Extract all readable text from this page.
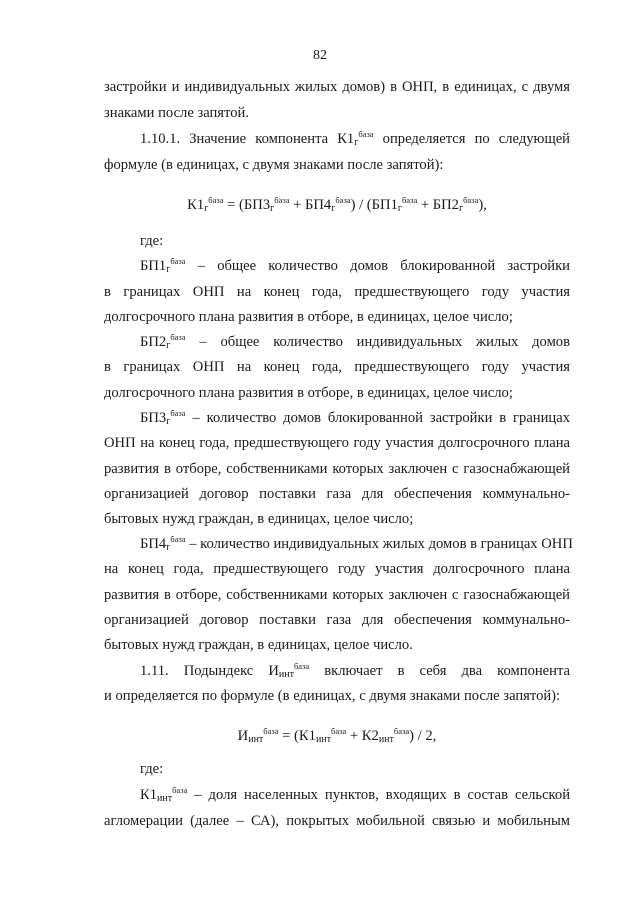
82
застройки и индивидуальных жилых домов) в ОНП, в единицах, с двумя
знаками после запятой.
1.10.1. Значение компонента $К1_г^{база}$ определяется по следующей
формуле (в единицах, с двумя знаками после запятой):
$К1_г^{база} = (БП3_г^{база} + БП4_г^{база}) / (БП1_г^{база} + БП2_г^{база})$,
где:
$БП1_г^{база}$ – общее количество домов блокированной застройки
в границах ОНП на конец года, предшествующего году участия
долгосрочного плана развития в отборе, в единицах, целое число;
$БП2_г^{база}$ – общее количество индивидуальных жилых домов
в границах ОНП на конец года, предшествующего году участия
долгосрочного плана развития в отборе, в единицах, целое число;
$БП3_г^{база}$ – количество домов блокированной застройки в границах
ОНП на конец года, предшествующего году участия долгосрочного плана
развития в отборе, собственниками которых заключен с газоснабжающей
организацией договор поставки газа для обеспечения коммунально-
бытовых нужд граждан, в единицах, целое число;
$БП4_г^{база}$ – количество индивидуальных жилых домов в границах ОНП
на конец года, предшествующего году участия долгосрочного плана
развития в отборе, собственниками которых заключен с газоснабжающей
организацией договор поставки газа для обеспечения коммунально-
бытовых нужд граждан, в единицах, целое число.
1.11. Подындекс $И_{инт}^{база}$ включает в себя два компонента
и определяется по формуле (в единицах, с двумя знаками после запятой):
$И_{инт}^{база} = (К1_{инт}^{база} + К2_{инт}^{база}) / 2$,
где:
$К1_{инт}^{база}$ – доля населенных пунктов, входящих в состав сельской
агломерации (далее – СА), покрытых мобильной связью и мобильным
